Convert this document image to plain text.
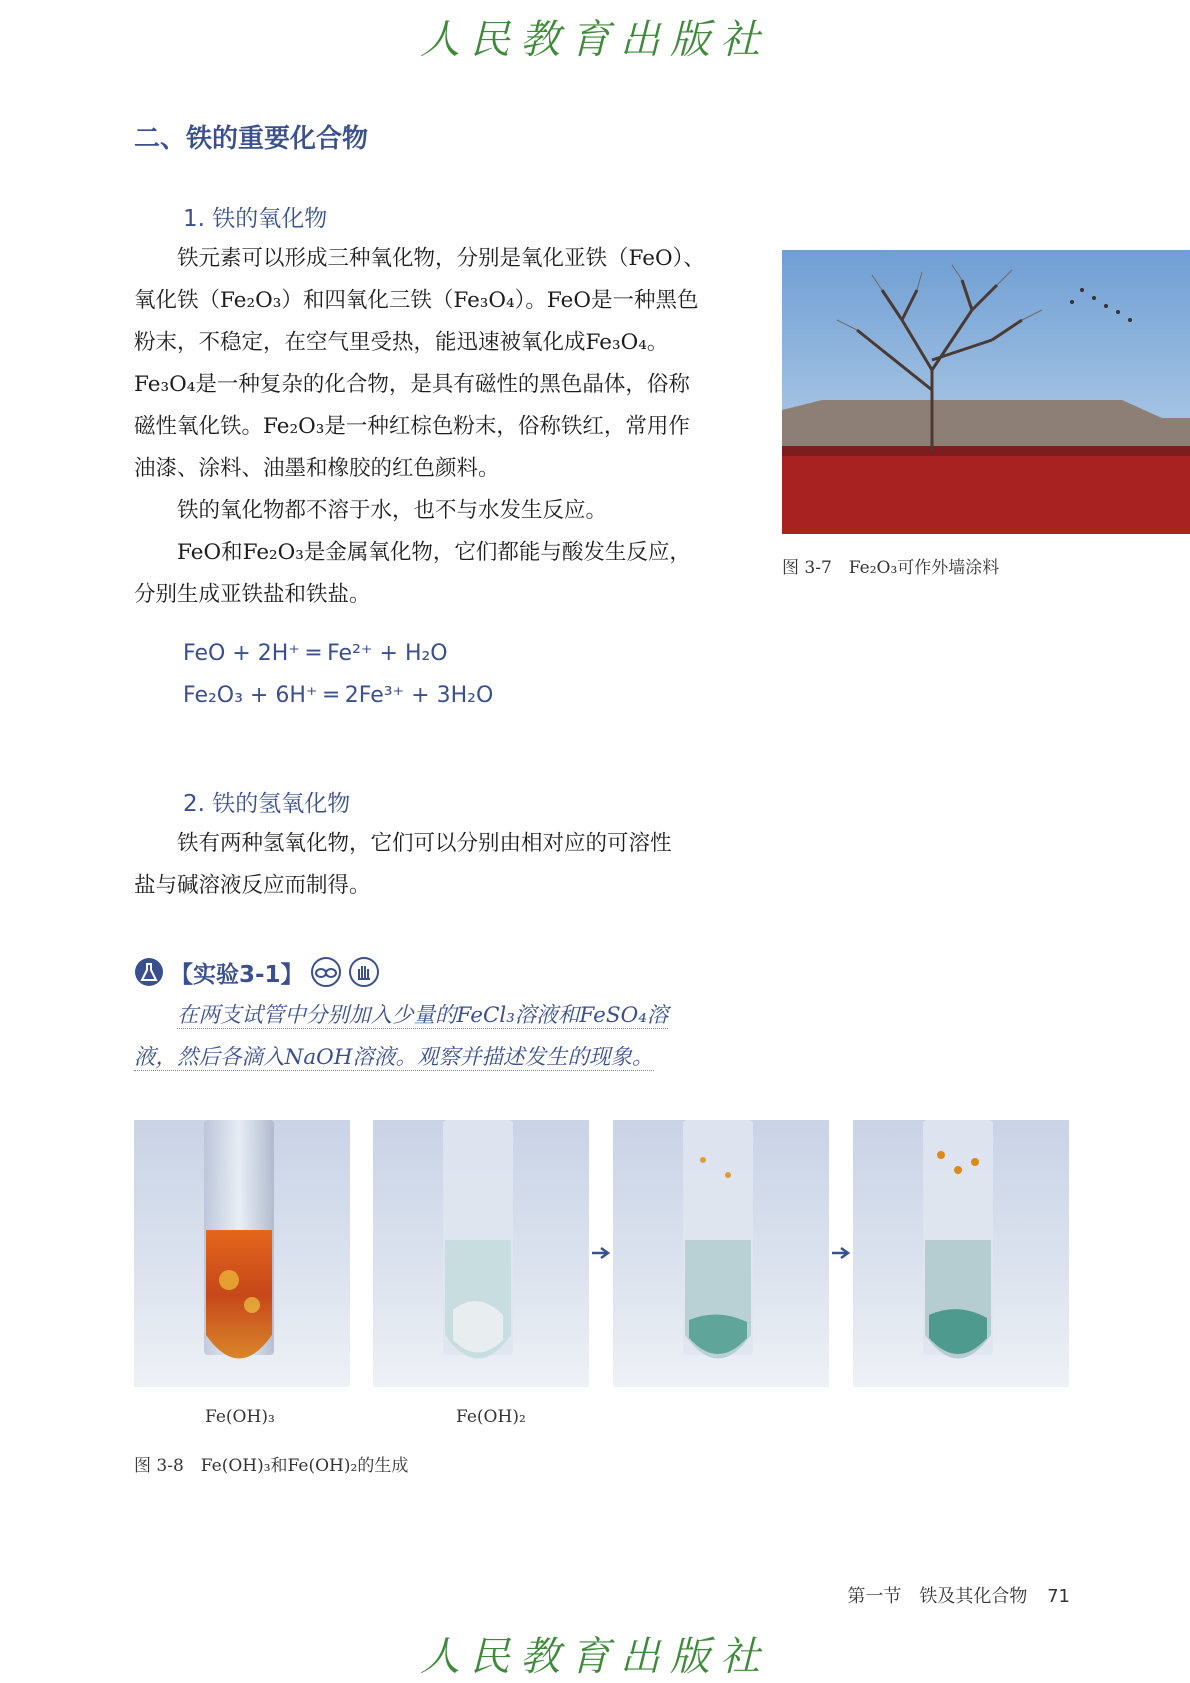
人民教育出版社
二、铁的重要化合物
1. 铁的氧化物

铁元素可以形成三种氧化物，分别是氧化亚铁（FeO）、

氧化铁（Fe₂O₃）和四氧化三铁（Fe₃O₄）。FeO是一种黑色

粉末，不稳定，在空气里受热，能迅速被氧化成Fe₃O₄。

Fe₃O₄是一种复杂的化合物，是具有磁性的黑色晶体，俗称

磁性氧化铁。Fe₂O₃是一种红棕色粉末，俗称铁红，常用作

油漆、涂料、油墨和橡胶的红色颜料。

铁的氧化物都不溶于水，也不与水发生反应。

FeO和Fe₂O₃是金属氧化物，它们都能与酸发生反应，

分别生成亚铁盐和铁盐。

FeO + 2H⁺ ═ Fe²⁺ + H₂O
Fe₂O₃ + 6H⁺ ═ 2Fe³⁺ + 3H₂O
图 3-7　Fe₂O₃可作外墙涂料
2. 铁的氢氧化物

铁有两种氢氧化物，它们可以分别由相对应的可溶性

盐与碱溶液反应而制得。

【实验3-1】
在两支试管中分别加入少量的FeCl₃溶液和FeSO₄溶
液，然后各滴入NaOH溶液。观察并描述发生的现象。
Fe(OH)₃	Fe(OH)₂
图 3-8　Fe(OH)₃和Fe(OH)₂的生成
第一节　铁及其化合物 71
人民教育出版社
